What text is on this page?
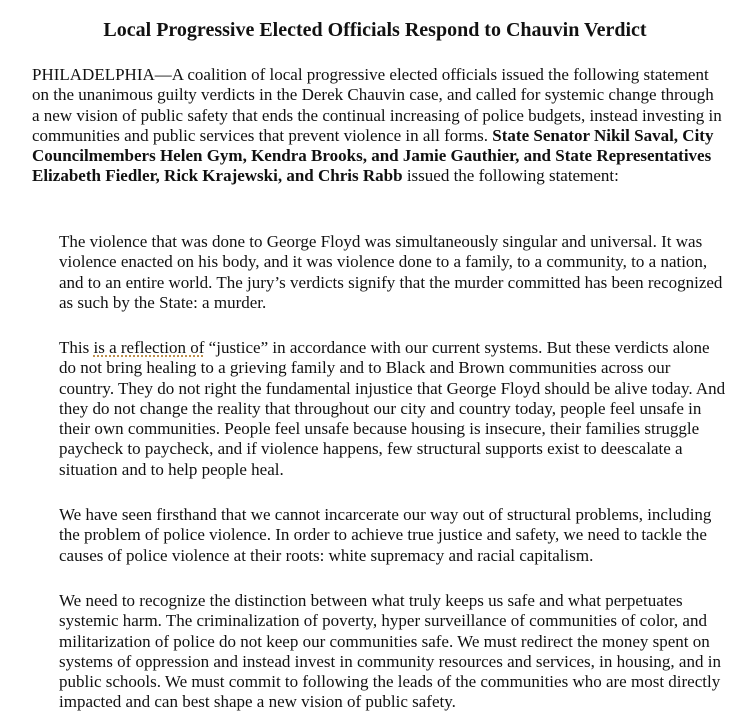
Local Progressive Elected Officials Respond to Chauvin Verdict

PHILADELPHIA—A coalition of local progressive elected officials issued the following statement on the unanimous guilty verdicts in the Derek Chauvin case, and called for systemic change through a new vision of public safety that ends the continual increasing of police budgets, instead investing in communities and public services that prevent violence in all forms. State Senator Nikil Saval, City Councilmembers Helen Gym, Kendra Brooks, and Jamie Gauthier, and State Representatives Elizabeth Fiedler, Rick Krajewski, and Chris Rabb issued the following statement:

The violence that was done to George Floyd was simultaneously singular and universal. It was violence enacted on his body, and it was violence done to a family, to a community, to a nation, and to an entire world. The jury’s verdicts signify that the murder committed has been recognized as such by the State: a murder.

This is a reflection of “justice” in accordance with our current systems. But these verdicts alone do not bring healing to a grieving family and to Black and Brown communities across our country. They do not right the fundamental injustice that George Floyd should be alive today. And they do not change the reality that throughout our city and country today, people feel unsafe in their own communities. People feel unsafe because housing is insecure, their families struggle paycheck to paycheck, and if violence happens, few structural supports exist to deescalate a situation and to help people heal.

We have seen firsthand that we cannot incarcerate our way out of structural problems, including the problem of police violence. In order to achieve true justice and safety, we need to tackle the causes of police violence at their roots: white supremacy and racial capitalism.

We need to recognize the distinction between what truly keeps us safe and what perpetuates systemic harm. The criminalization of poverty, hyper surveillance of communities of color, and militarization of police do not keep our communities safe. We must redirect the money spent on systems of oppression and instead invest in community resources and services, in housing, and in public schools. We must commit to following the leads of the communities who are most directly impacted and can best shape a new vision of public safety.
